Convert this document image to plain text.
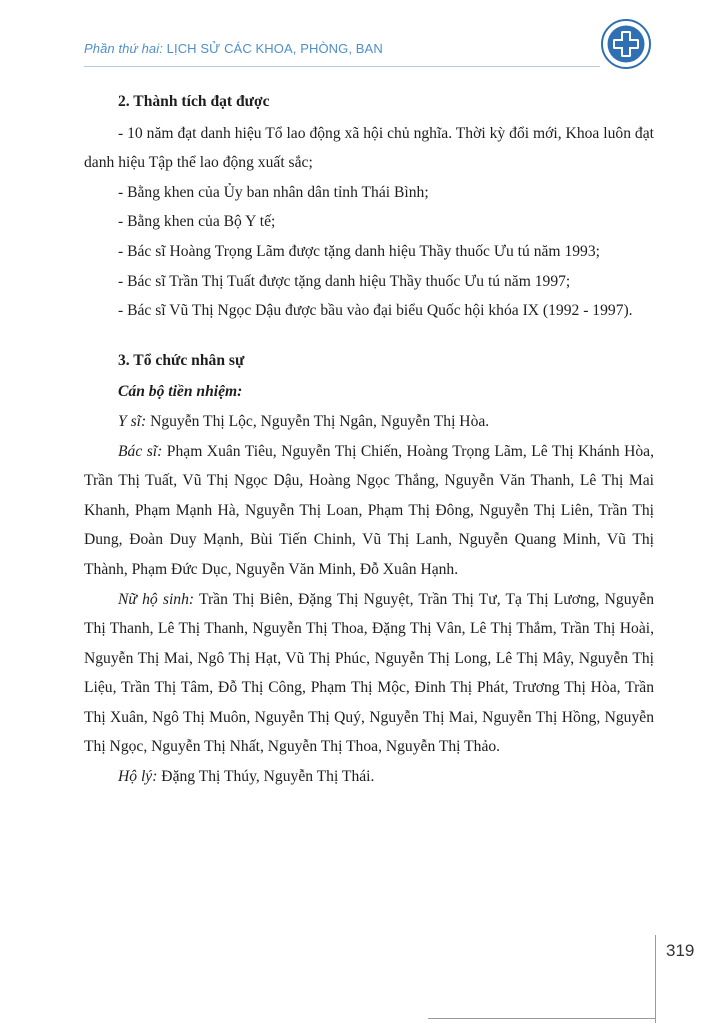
Phần thứ hai: LỊCH SỬ CÁC KHOA, PHÒNG, BAN
2. Thành tích đạt được

- 10 năm đạt danh hiệu Tổ lao động xã hội chủ nghĩa. Thời kỳ đổi mới, Khoa luôn đạt danh hiệu Tập thể lao động xuất sắc;

- Bằng khen của Ủy ban nhân dân tỉnh Thái Bình;

- Bằng khen của Bộ Y tế;

- Bác sĩ Hoàng Trọng Lãm được tặng danh hiệu Thầy thuốc Ưu tú năm 1993;

- Bác sĩ Trần Thị Tuất được tặng danh hiệu Thầy thuốc Ưu tú năm 1997;

- Bác sĩ Vũ Thị Ngọc Dậu được bầu vào đại biểu Quốc hội khóa IX (1992 - 1997).

3. Tổ chức nhân sự

Cán bộ tiền nhiệm:

Y sĩ: Nguyễn Thị Lộc, Nguyễn Thị Ngân, Nguyễn Thị Hòa.

Bác sĩ: Phạm Xuân Tiêu, Nguyễn Thị Chiến, Hoàng Trọng Lãm, Lê Thị Khánh Hòa, Trần Thị Tuất, Vũ Thị Ngọc Dậu, Hoàng Ngọc Thắng, Nguyễn Văn Thanh, Lê Thị Mai Khanh, Phạm Mạnh Hà, Nguyễn Thị Loan, Phạm Thị Đông, Nguyễn Thị Liên, Trần Thị Dung, Đoàn Duy Mạnh, Bùi Tiến Chinh, Vũ Thị Lanh, Nguyễn Quang Minh, Vũ Thị Thành, Phạm Đức Dục, Nguyễn Văn Minh, Đỗ Xuân Hạnh.

Nữ hộ sinh: Trần Thị Biên, Đặng Thị Nguyệt, Trần Thị Tư, Tạ Thị Lương, Nguyễn Thị Thanh, Lê Thị Thanh, Nguyễn Thị Thoa, Đặng Thị Vân, Lê Thị Thắm, Trần Thị Hoài, Nguyễn Thị Mai, Ngô Thị Hạt, Vũ Thị Phúc, Nguyễn Thị Long, Lê Thị Mây, Nguyễn Thị Liệu, Trần Thị Tâm, Đỗ Thị Công, Phạm Thị Mộc, Đinh Thị Phát, Trương Thị Hòa, Trần Thị Xuân, Ngô Thị Muôn, Nguyễn Thị Quý, Nguyễn Thị Mai, Nguyễn Thị Hồng, Nguyễn Thị Ngọc, Nguyễn Thị Nhất, Nguyễn Thị Thoa, Nguyễn Thị Thảo.

Hộ lý: Đặng Thị Thúy, Nguyễn Thị Thái.

319
